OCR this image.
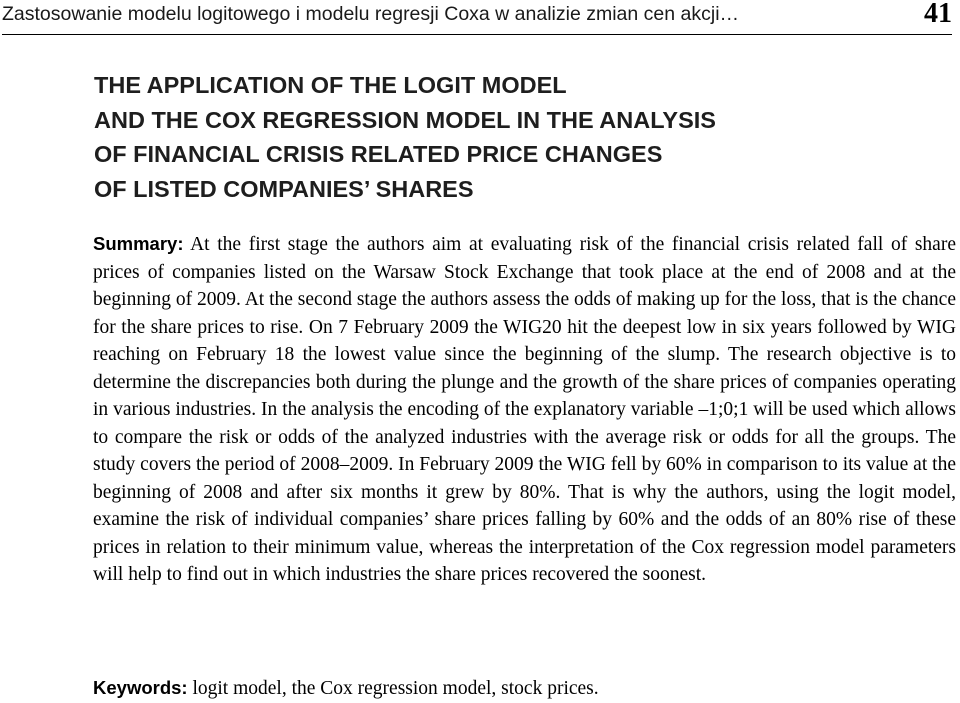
Zastosowanie modelu logitowego i modelu regresji Coxa w analizie zmian cen akcji…	41
THE APPLICATION OF THE LOGIT MODEL
AND THE COX REGRESSION MODEL IN THE ANALYSIS
OF FINANCIAL CRISIS RELATED PRICE CHANGES
OF LISTED COMPANIES’ SHARES

Summary: At the first stage the authors aim at evaluating risk of the financial crisis related fall of share prices of companies listed on the Warsaw Stock Exchange that took place at the end of 2008 and at the beginning of 2009. At the second stage the authors assess the odds of making up for the loss, that is the chance for the share prices to rise. On 7 February 2009 the WIG20 hit the deepest low in six years followed by WIG reaching on February 18 the lowest value since the beginning of the slump. The research objective is to determine the discrepancies both during the plunge and the growth of the share prices of companies operating in various industries. In the analysis the encoding of the explanatory variable –1;0;1 will be used which allows to compare the risk or odds of the analyzed industries with the average risk or odds for all the groups. The study covers the period of 2008–2009. In February 2009 the WIG fell by 60% in comparison to its value at the beginning of 2008 and after six months it grew by 80%. That is why the authors, using the logit model, examine the risk of individual companies’ share prices falling by 60% and the odds of an 80% rise of these prices in relation to their minimum value, whereas the interpretation of the Cox regression model parameters will help to find out in which industries the share prices recovered the soonest.

Keywords: logit model, the Cox regression model, stock prices.
